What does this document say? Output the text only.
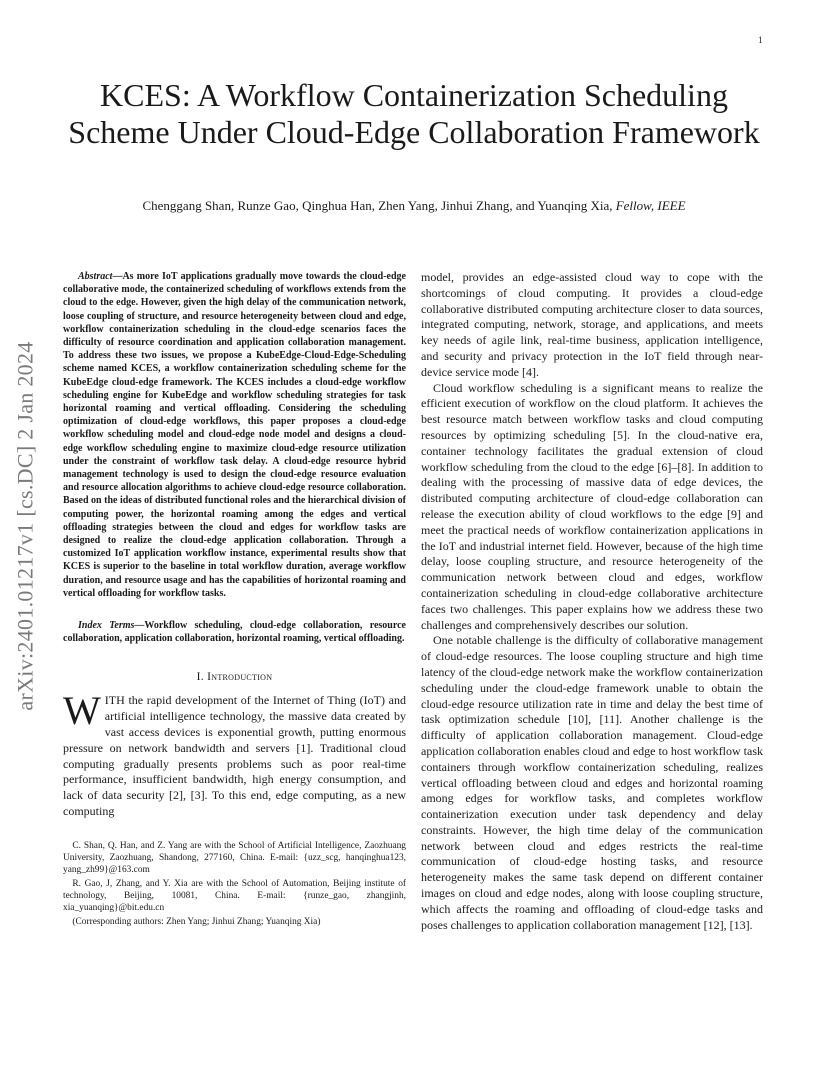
1
arXiv:2401.01217v1 [cs.DC] 2 Jan 2024
KCES: A Workflow Containerization Scheduling Scheme Under Cloud-Edge Collaboration Framework
Chenggang Shan, Runze Gao, Qinghua Han, Zhen Yang, Jinhui Zhang, and Yuanqing Xia, Fellow, IEEE

Abstract—As more IoT applications gradually move towards the cloud-edge collaborative mode, the containerized scheduling of workflows extends from the cloud to the edge. However, given the high delay of the communication network, loose coupling of structure, and resource heterogeneity between cloud and edge, workflow containerization scheduling in the cloud-edge scenarios faces the difficulty of resource coordination and application collaboration management. To address these two issues, we propose a KubeEdge-Cloud-Edge-Scheduling scheme named KCES, a workflow containerization scheduling scheme for the KubeEdge cloud-edge framework. The KCES includes a cloud-edge workflow scheduling engine for KubeEdge and workflow scheduling strategies for task horizontal roaming and vertical offloading. Considering the scheduling optimization of cloud-edge workflows, this paper proposes a cloud-edge workflow scheduling model and cloud-edge node model and designs a cloud-edge workflow scheduling engine to maximize cloud-edge resource utilization under the constraint of workflow task delay. A cloud-edge resource hybrid management technology is used to design the cloud-edge resource evaluation and resource allocation algorithms to achieve cloud-edge resource collaboration. Based on the ideas of distributed functional roles and the hierarchical division of computing power, the horizontal roaming among the edges and vertical offloading strategies between the cloud and edges for workflow tasks are designed to realize the cloud-edge application collaboration. Through a customized IoT application workflow instance, experimental results show that KCES is superior to the baseline in total workflow duration, average workflow duration, and resource usage and has the capabilities of horizontal roaming and vertical offloading for workflow tasks.

Index Terms—Workflow scheduling, cloud-edge collaboration, resource collaboration, application collaboration, horizontal roaming, vertical offloading.

I. Introduction

WITH the rapid development of the Internet of Thing (IoT) and artificial intelligence technology, the massive data created by vast access devices is exponential growth, putting enormous pressure on network bandwidth and servers [1]. Traditional cloud computing gradually presents problems such as poor real-time performance, insufficient bandwidth, high energy consumption, and lack of data security [2], [3]. To this end, edge computing, as a new computing

C. Shan, Q. Han, and Z. Yang are with the School of Artificial Intelligence, Zaozhuang University, Zaozhuang, Shandong, 277160, China. E-mail: {uzz_scg, hanqinghua123, yang_zh99}@163.com

R. Gao, J, Zhang, and Y. Xia are with the School of Automation, Beijing institute of technology, Beijing, 10081, China. E-mail: {runze_gao, zhangjinh, xia_yuanqing}@bit.edu.cn

(Corresponding authors: Zhen Yang; Jinhui Zhang; Yuanqing Xia)

model, provides an edge-assisted cloud way to cope with the shortcomings of cloud computing. It provides a cloud-edge collaborative distributed computing architecture closer to data sources, integrated computing, network, storage, and applications, and meets key needs of agile link, real-time business, application intelligence, and security and privacy protection in the IoT field through near-device service mode [4].

Cloud workflow scheduling is a significant means to realize the efficient execution of workflow on the cloud platform. It achieves the best resource match between workflow tasks and cloud computing resources by optimizing scheduling [5]. In the cloud-native era, container technology facilitates the gradual extension of cloud workflow scheduling from the cloud to the edge [6]–[8]. In addition to dealing with the processing of massive data of edge devices, the distributed computing architecture of cloud-edge collaboration can release the execution ability of cloud workflows to the edge [9] and meet the practical needs of workflow containerization applications in the IoT and industrial internet field. However, because of the high time delay, loose coupling structure, and resource heterogeneity of the communication network between cloud and edges, workflow containerization scheduling in cloud-edge collaborative architecture faces two challenges. This paper explains how we address these two challenges and comprehensively describes our solution.

One notable challenge is the difficulty of collaborative management of cloud-edge resources. The loose coupling structure and high time latency of the cloud-edge network make the workflow containerization scheduling under the cloud-edge framework unable to obtain the cloud-edge resource utilization rate in time and delay the best time of task optimization schedule [10], [11]. Another challenge is the difficulty of application collaboration management. Cloud-edge application collaboration enables cloud and edge to host workflow task containers through workflow containerization scheduling, realizes vertical offloading between cloud and edges and horizontal roaming among edges for workflow tasks, and completes workflow containerization execution under task dependency and delay constraints. However, the high time delay of the communication network between cloud and edges restricts the real-time communication of cloud-edge hosting tasks, and resource heterogeneity makes the same task depend on different container images on cloud and edge nodes, along with loose coupling structure, which affects the roaming and offloading of cloud-edge tasks and poses challenges to application collaboration management [12], [13].
